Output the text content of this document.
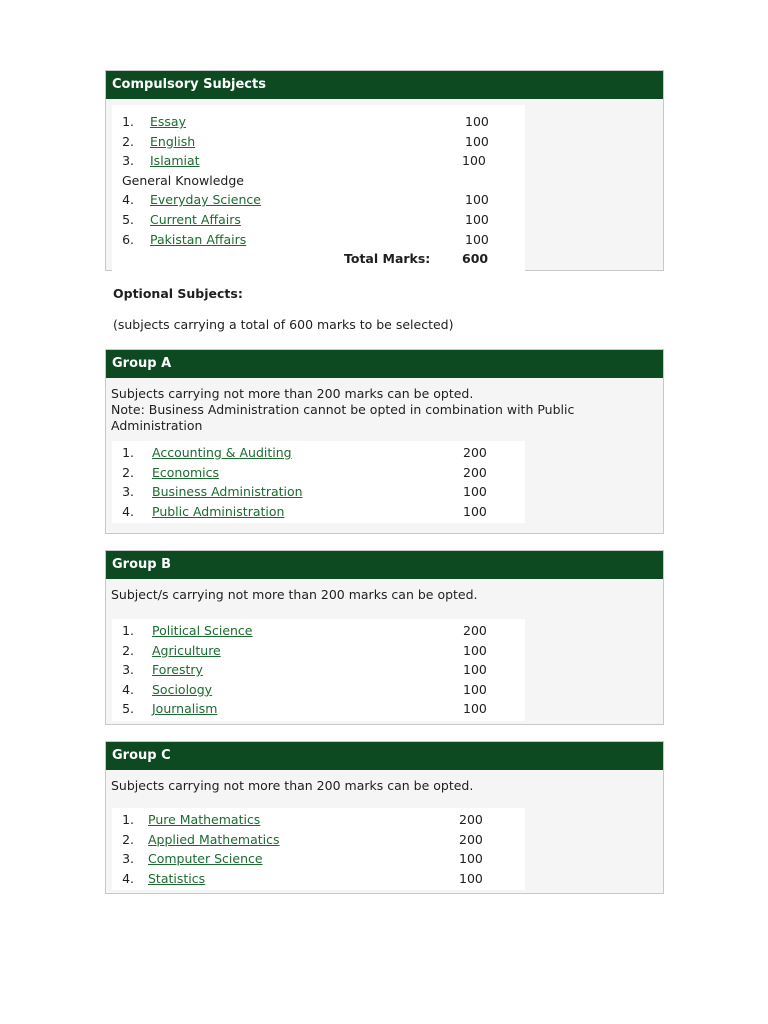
Compulsory Subjects
1. Essay	100
2. English	100
3. Islamiat	100
General Knowledge
4. Everyday Science	100
5. Current Affairs	100
6. Pakistan Affairs	100
Total Marks:	600
Optional Subjects:
(subjects carrying a total of 600 marks to be selected)
Group A
Subjects carrying not more than 200 marks can be opted.
Note: Business Administration cannot be opted in combination with Public Administration
1. Accounting & Auditing	200
2. Economics	200
3. Business Administration	100
4. Public Administration	100
Group B
Subject/s carrying not more than 200 marks can be opted.
1. Political Science	200
2. Agriculture	100
3. Forestry	100
4. Sociology	100
5. Journalism	100
Group C
Subjects carrying not more than 200 marks can be opted.
1. Pure Mathematics	200
2. Applied Mathematics	200
3. Computer Science	100
4. Statistics	100
